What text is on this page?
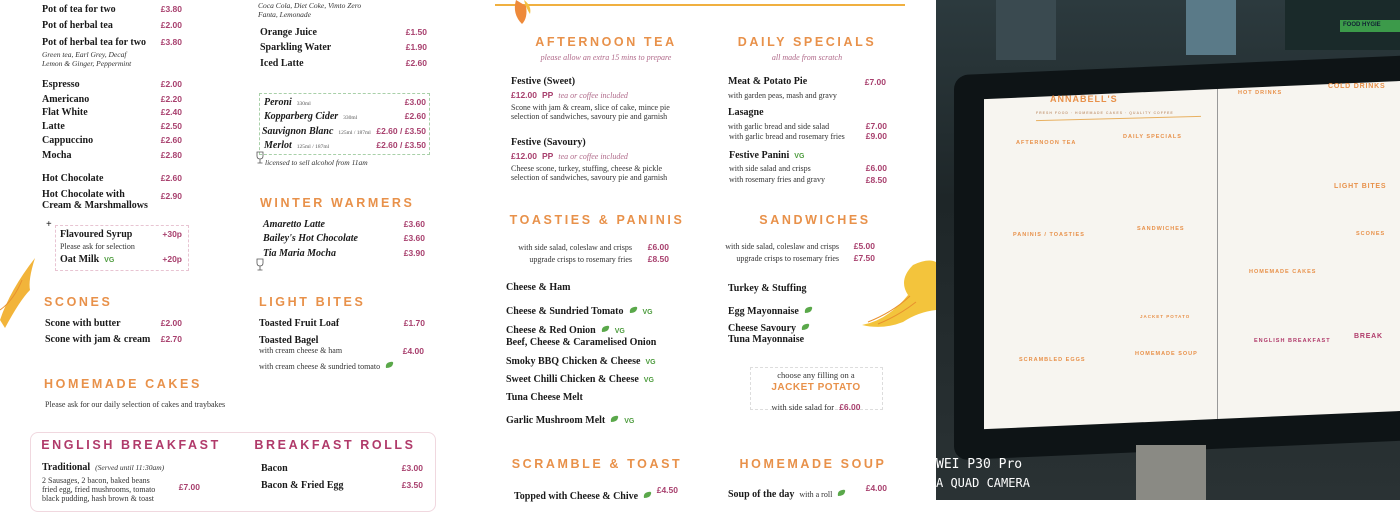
choose any filling on a
JACKET POTATO
with side salad for £6.00
FOOD HYGIE
ANNABELL'S
FRESH FOOD · HOMEMADE CAKES · QUALITY COFFEE
AFTERNOON TEA
DAILY SPECIALS
HOT DRINKS
COLD DRINKS
PANINIS / TOASTIES
SANDWICHES
LIGHT BITES
SCONES
HOMEMADE CAKES
SCRAMBLED EGGS
HOMEMADE SOUP
ENGLISH BREAKFAST
BREAK
JACKET POTATO
WEI P30 Pro
A QUAD CAMERA
Pot of tea for two	£3.80
Pot of herbal tea	£2.00
Pot of herbal tea for two £3.80
Green tea, Earl Grey, Decaf
Lemon & Ginger, Peppermint
Espresso	£2.00
Americano	£2.20
Flat White	£2.40
Latte	£2.50
Cappuccino	£2.60
Mocha	£2.80
Hot Chocolate	£2.60
Hot Chocolate with
Cream & Marshmallows
£2.90
+
Flavoured Syrup	+30p
Please ask for selection
Oat Milk VG	+20p
SCONES
Scone with butter	£2.00
Scone with jam & cream £2.70
HOMEMADE CAKES
Please ask for our daily selection of cakes and traybakes
ENGLISH BREAKFAST
Traditional (Served until 11:30am)
2 Sausages, 2 bacon, baked beans
fried egg, fried mushrooms, tomato
black pudding, hash brown & toast
£7.00
Coca Cola, Diet Coke, Vimto Zero
Fanta, Lemonade
Orange Juice	£1.50
Sparkling Water	£1.90
Iced Latte	£2.60
Peroni 330ml	£3.00
Kopparberg Cider 330ml	£2.60
Sauvignon Blanc 125ml / 187ml £2.60 / £3.50
Merlot 125ml / 187ml	£2.60 / £3.50
licensed to sell alcohol from 11am
WINTER WARMERS
Amaretto Latte	£3.60
Bailey's Hot Chocolate	£3.60
Tia Maria Mocha	£3.90
LIGHT BITES
Toasted Fruit Loaf	£1.70
Toasted Bagel
with cream cheese & ham
with cream cheese & sundried tomato
£4.00
BREAKFAST ROLLS
Bacon	£3.00
Bacon & Fried Egg	£3.50
AFTERNOON TEA
please allow an extra 15 mins to prepare
Festive (Sweet)
£12.00 PP tea or coffee included
Scone with jam & cream, slice of cake, mince pie
selection of sandwiches, savoury pie and garnish
Festive (Savoury)
£12.00 PP tea or coffee included
Cheese scone, turkey, stuffing, cheese & pickle
selection of sandwiches, savoury pie and garnish
DAILY SPECIALS
all made from scratch
Meat & Potato Pie	£7.00
with garden peas, mash and gravy
Lasagne
with garlic bread and side salad	£7.00
with garlic bread and rosemary fries £9.00
Festive Panini VG
with side salad and crisps	£6.00
with rosemary fries and gravy	£8.50
TOASTIES & PANINIS
with side salad, coleslaw and crisps £6.00
upgrade crisps to rosemary fries £8.50
Cheese & Ham
Cheese & Sundried Tomato	VG
Cheese & Red Onion	VG
Beef, Cheese & Caramelised Onion
Smoky BBQ Chicken & Cheese VG
Sweet Chilli Chicken & Cheese VG
Tuna Cheese Melt
Garlic Mushroom Melt	VG
SANDWICHES
with side salad, coleslaw and crisps £5.00
upgrade crisps to rosemary fries £7.50
Turkey & Stuffing
Egg Mayonnaise
Cheese Savoury
Tuna Mayonnaise
SCRAMBLE & TOAST
Topped with Cheese & Chive
£4.50
HOMEMADE SOUP
Soup of the day with a roll
£4.00
